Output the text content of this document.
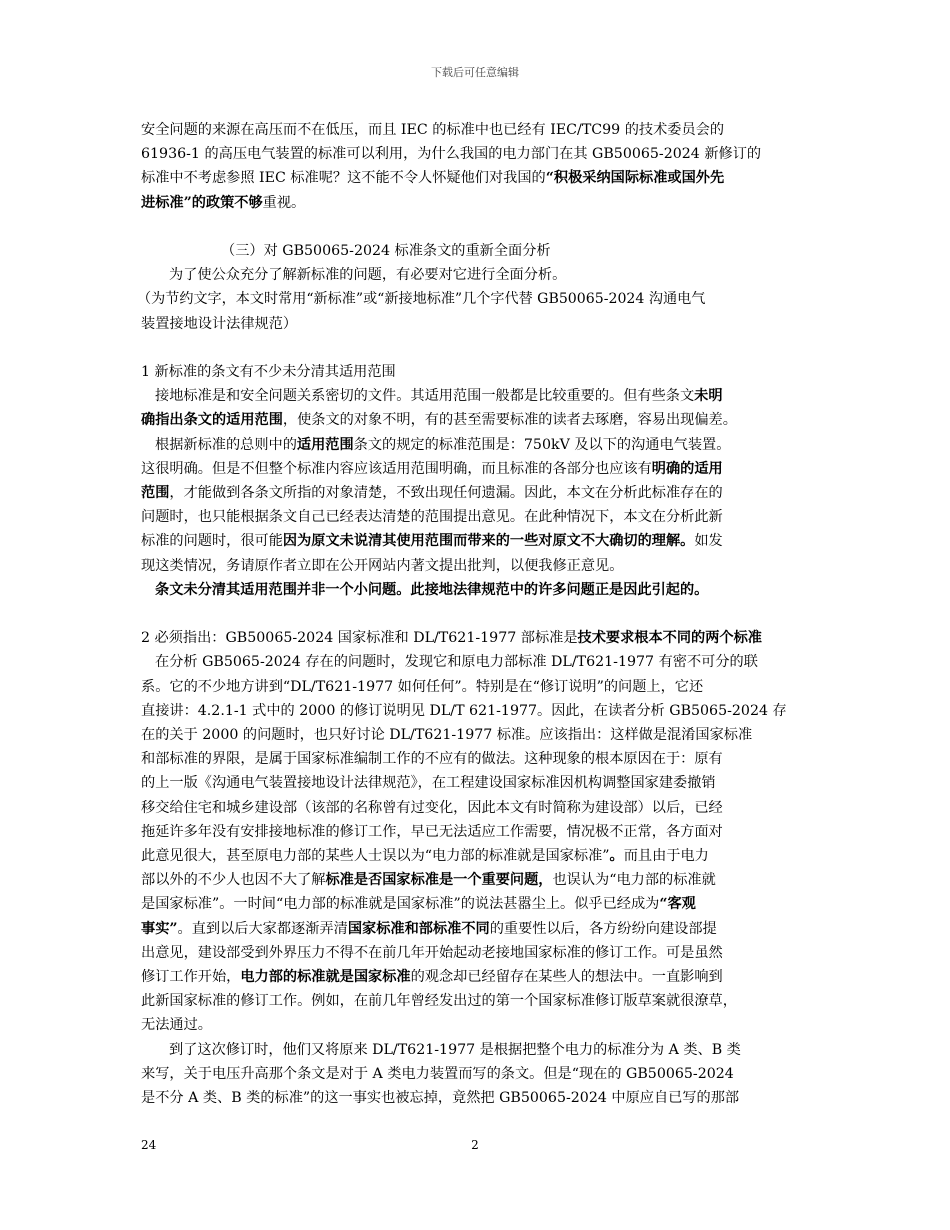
下载后可任意编辑
安全问题的来源在高压而不在低压，而且 IEC 的标准中也已经有 IEC/TC99 的技术委员会的
61936-1 的高压电气装置的标准可以利用，为什么我国的电力部门在其 GB50065-2024 新修订的
标准中不考虑参照 IEC 标准呢？这不能不令人怀疑他们对我国的“积极采纳国际标准或国外先
进标准”的政策不够重视。
（三）对 GB50065-2024 标准条文的重新全面分析
为了使公众充分了解新标准的问题，有必要对它进行全面分析。
（为节约文字，本文时常用“新标准”或“新接地标准”几个字代替 GB50065-2024 沟通电气
装置接地设计法律规范）
1 新标准的条文有不少未分清其适用范围
接地标准是和安全问题关系密切的文件。其适用范围一般都是比较重要的。但有些条文未明
确指出条文的适用范围，使条文的对象不明，有的甚至需要标准的读者去琢磨，容易出现偏差。
根据新标准的总则中的适用范围条文的规定的标准范围是：750kV 及以下的沟通电气装置。
这很明确。但是不但整个标准内容应该适用范围明确，而且标准的各部分也应该有明确的适用
范围，才能做到各条文所指的对象清楚，不致出现任何遗漏。因此，本文在分析此标准存在的
问题时，也只能根据条文自己已经表达清楚的范围提出意见。在此种情况下，本文在分析此新
标准的问题时，很可能因为原文未说清其使用范围而带来的一些对原文不大确切的理解。如发
现这类情况，务请原作者立即在公开网站内著文提出批判，以便我修正意见。
条文未分清其适用范围并非一个小问题。此接地法律规范中的许多问题正是因此引起的。
2 必须指出：GB50065-2024 国家标准和 DL/T621-1977 部标准是技术要求根本不同的两个标准
在分析 GB5065-2024 存在的问题时，发现它和原电力部标准 DL/T621-1977 有密不可分的联
系。它的不少地方讲到“DL/T621-1977 如何任何”。特别是在“修订说明”的问题上，它还
直接讲：4.2.1-1 式中的 2000 的修订说明见 DL/T 621-1977。因此，在读者分析 GB5065-2024 存
在的关于 2000 的问题时，也只好讨论 DL/T621-1977 标准。应该指出：这样做是混淆国家标准
和部标准的界限，是属于国家标准编制工作的不应有的做法。这种现象的根本原因在于：原有
的上一版《沟通电气装置接地设计法律规范》，在工程建设国家标准因机构调整国家建委撤销
移交给住宅和城乡建设部（该部的名称曾有过变化，因此本文有时简称为建设部）以后，已经
拖延许多年没有安排接地标准的修订工作，早已无法适应工作需要，情况极不正常，各方面对
此意见很大，甚至原电力部的某些人士误以为“电力部的标准就是国家标准”。而且由于电力
部以外的不少人也因不大了解标准是否国家标准是一个重要问题，也误认为“电力部的标准就
是国家标准”。一时间“电力部的标准就是国家标准”的说法甚嚣尘上。似乎已经成为“客观
事实”。直到以后大家都逐渐弄清国家标准和部标准不同的重要性以后，各方纷纷向建设部提
出意见，建设部受到外界压力不得不在前几年开始起动老接地国家标准的修订工作。可是虽然
修订工作开始，电力部的标准就是国家标准的观念却已经留存在某些人的想法中。一直影响到
此新国家标准的修订工作。例如，在前几年曾经发出过的第一个国家标准修订版草案就很潦草，
无法通过。
到了这次修订时，他们又将原来 DL/T621-1977 是根据把整个电力的标准分为 A 类、B 类
来写，关于电压升高那个条文是对于 A 类电力装置而写的条文。但是“现在的 GB50065-2024
是不分 A 类、B 类的标准”的这一事实也被忘掉，竟然把 GB50065-2024 中原应自已写的那部
24	2
